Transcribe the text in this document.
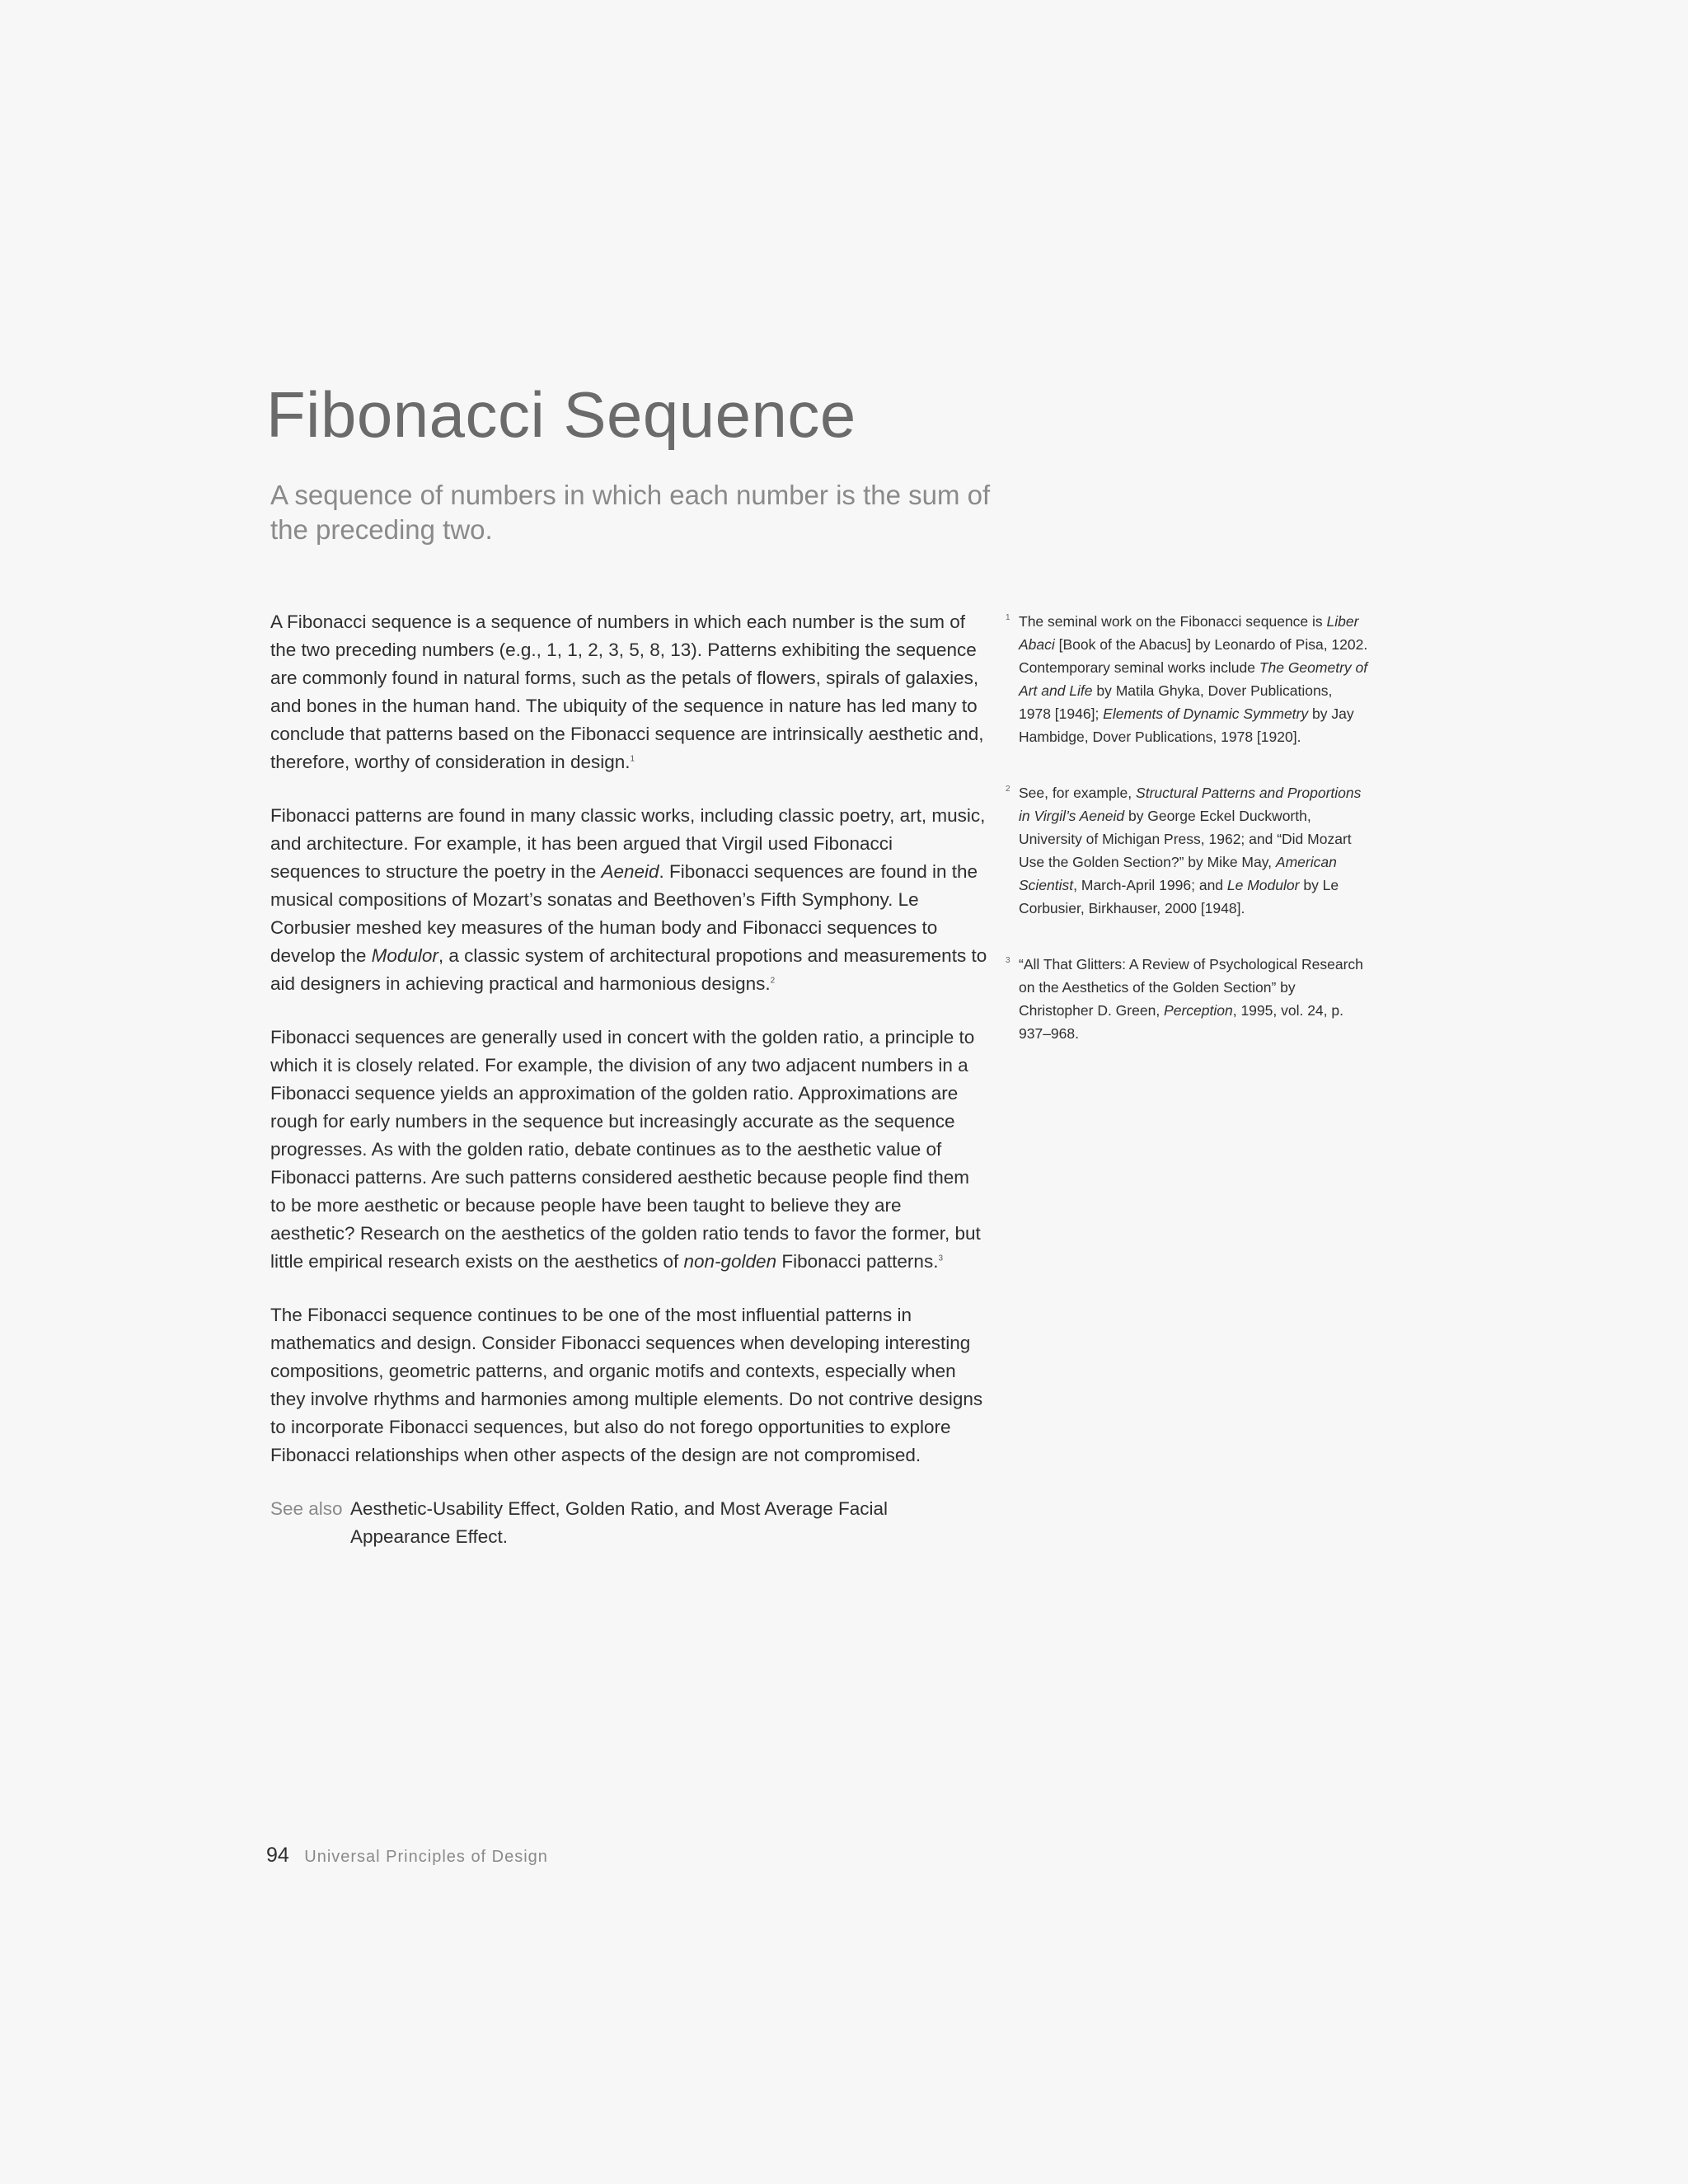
Fibonacci Sequence

A sequence of numbers in which each number is the sum of the preceding two.

A Fibonacci sequence is a sequence of numbers in which each number is the sum of the two preceding numbers (e.g., 1, 1, 2, 3, 5, 8, 13). Patterns exhibiting the sequence are commonly found in natural forms, such as the petals of flowers, spirals of galaxies, and bones in the human hand. The ubiquity of the sequence in nature has led many to conclude that patterns based on the Fibonacci sequence are intrinsically aesthetic and, therefore, worthy of consideration in design.$^1$

Fibonacci patterns are found in many classic works, including classic poetry, art, music, and architecture. For example, it has been argued that Virgil used Fibonacci sequences to structure the poetry in the Aeneid. Fibonacci sequences are found in the musical compositions of Mozart’s sonatas and Beethoven’s Fifth Symphony. Le Corbusier meshed key measures of the human body and Fibonacci sequences to develop the Modulor, a classic system of architectural propotions and measurements to aid designers in achieving practical and harmonious designs.$^2$

Fibonacci sequences are generally used in concert with the golden ratio, a principle to which it is closely related. For example, the division of any two adjacent numbers in a Fibonacci sequence yields an approximation of the golden ratio. Approximations are rough for early numbers in the sequence but increasingly accurate as the sequence progresses. As with the golden ratio, debate continues as to the aesthetic value of Fibonacci patterns. Are such patterns considered aesthetic because people find them to be more aesthetic or because people have been taught to believe they are aesthetic? Research on the aesthetics of the golden ratio tends to favor the former, but little empirical research exists on the aesthetics of non-golden Fibonacci patterns.$^3$

The Fibonacci sequence continues to be one of the most influential patterns in mathematics and design. Consider Fibonacci sequences when developing interesting compositions, geometric patterns, and organic motifs and contexts, especially when they involve rhythms and harmonies among multiple elements. Do not contrive designs to incorporate Fibonacci sequences, but also do not forego opportunities to explore Fibonacci relationships when other aspects of the design are not compromised.

See also Aesthetic-Usability Effect, Golden Ratio, and Most Average Facial Appearance Effect.
1 The seminal work on the Fibonacci sequence is Liber Abaci [Book of the Abacus] by Leonardo of Pisa, 1202. Contemporary seminal works include The Geometry of Art and Life by Matila Ghyka, Dover Publications, 1978 [1946]; Elements of Dynamic Symmetry by Jay Hambidge, Dover Publications, 1978 [1920].
2 See, for example, Structural Patterns and Proportions in Virgil’s Aeneid by George Eckel Duckworth, University of Michigan Press, 1962; and “Did Mozart Use the Golden Section?” by Mike May, American Scientist, March-April 1996; and Le Modulor by Le Corbusier, Birkhauser, 2000 [1948].
3 “All That Glitters: A Review of Psychological Research on the Aesthetics of the Golden Section” by Christopher D. Green, Perception, 1995, vol. 24, p. 937–968.
94 Universal Principles of Design
